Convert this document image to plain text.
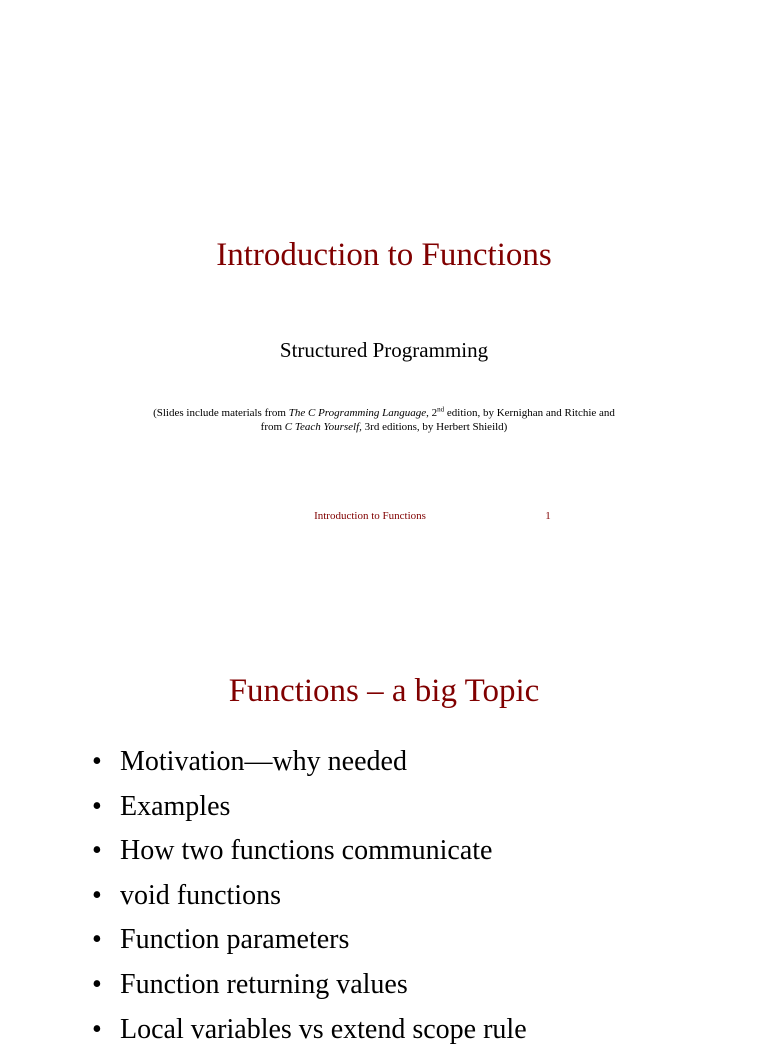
Introduction to Functions
Structured Programming
(Slides include materials from The C Programming Language, 2nd edition, by Kernighan and Ritchie and
from C Teach Yourself, 3rd editions, by Herbert Shieild)
Introduction to Functions	1
Functions – a big Topic
• Motivation—why needed
• Examples
• How two functions communicate
• void functions
• Function parameters
• Function returning values
• Local variables vs extend scope rule
